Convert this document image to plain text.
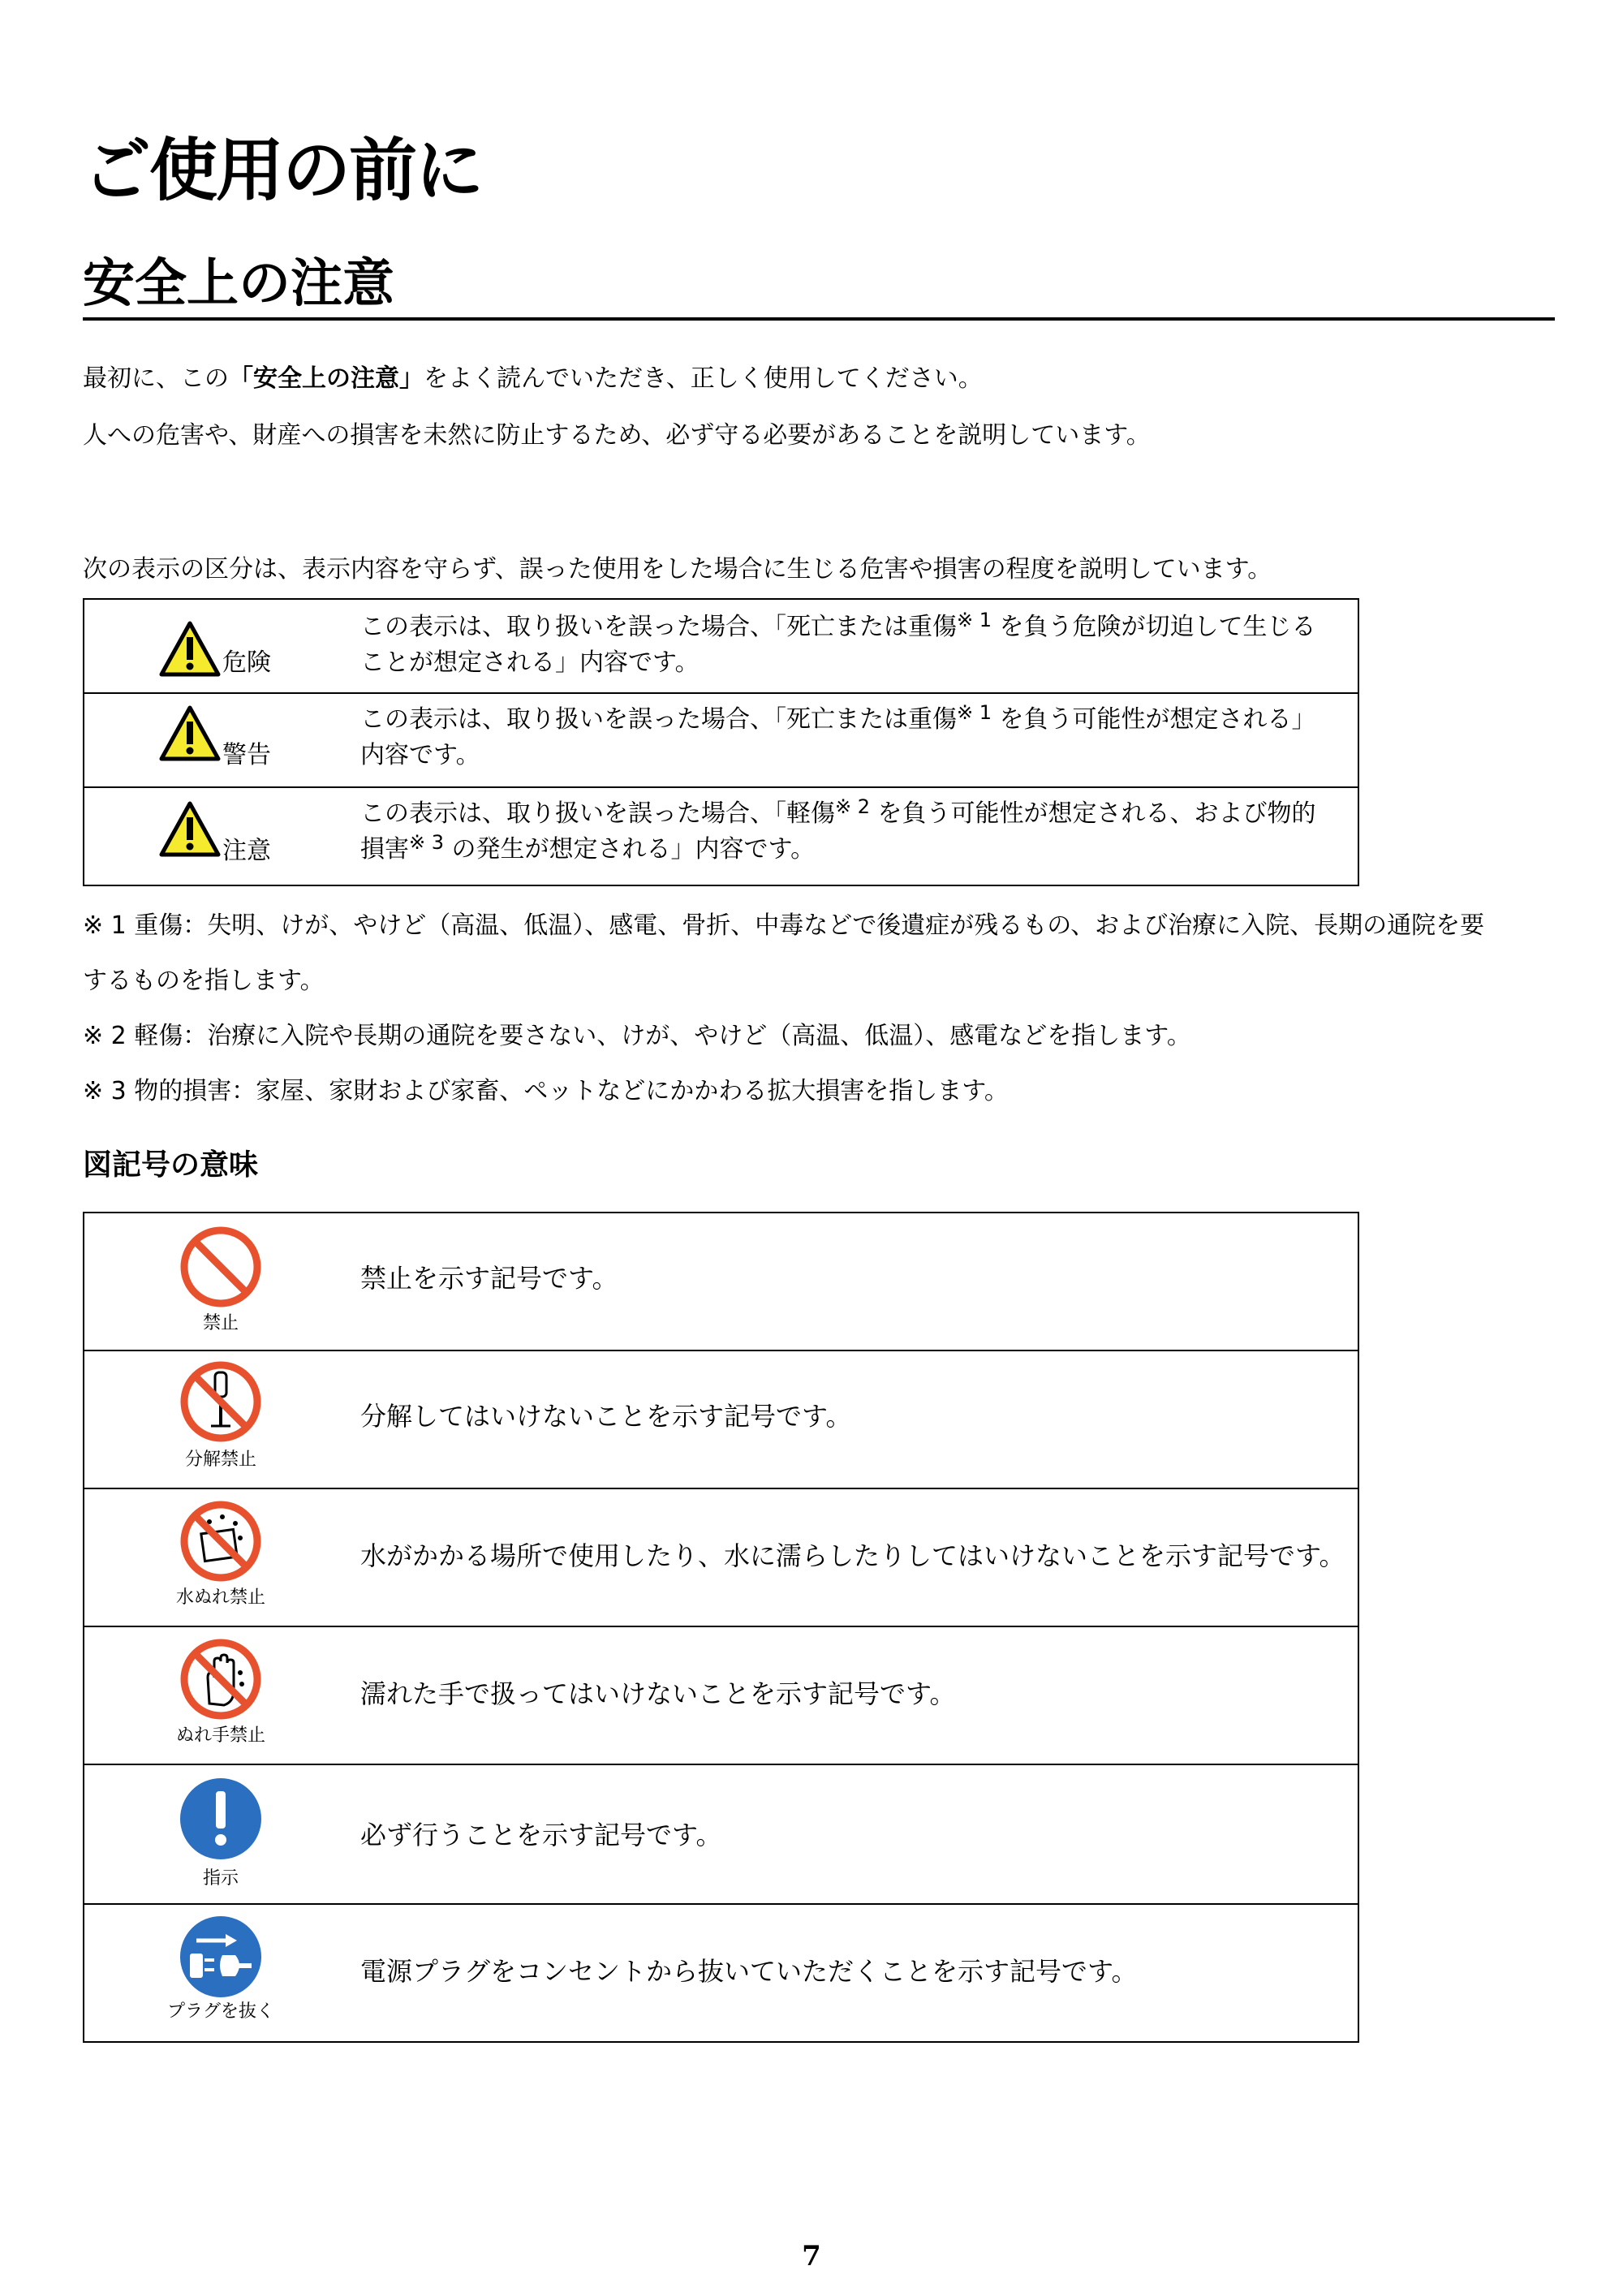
ご使用の前に
安全上の注意
最初に、この「安全上の注意」をよく読んでいただき、正しく使用してください。
人への危害や、財産への損害を未然に防止するため、必ず守る必要があることを説明しています。
次の表示の区分は、表示内容を守らず、誤った使用をした場合に生じる危害や損害の程度を説明しています。
危険
この表示は、取り扱いを誤った場合、「死亡または重傷$^{※ 1}$ を負う危険が切迫して生じることが想定される」内容です。
警告
この表示は、取り扱いを誤った場合、「死亡または重傷$^{※ 1}$ を負う可能性が想定される」内容です。
注意
この表示は、取り扱いを誤った場合、「軽傷$^{※ 2}$ を負う可能性が想定される、および物的損害$^{※ 3}$ の発生が想定される」内容です。
※ 1 重傷：失明、けが、やけど（高温、低温）、感電、骨折、中毒などで後遺症が残るもの、および治療に入院、長期の通院を要
するものを指します。
※ 2 軽傷：治療に入院や長期の通院を要さない、けが、やけど（高温、低温）、感電などを指します。
※ 3 物的損害：家屋、家財および家畜、ペットなどにかかわる拡大損害を指します。
図記号の意味
禁止
禁止を示す記号です。
分解禁止
分解してはいけないことを示す記号です。
水ぬれ禁止
水がかかる場所で使用したり、水に濡らしたりしてはいけないことを示す記号です。
ぬれ手禁止
濡れた手で扱ってはいけないことを示す記号です。
指示
必ず行うことを示す記号です。
プラグを抜く
電源プラグをコンセントから抜いていただくことを示す記号です。
7
